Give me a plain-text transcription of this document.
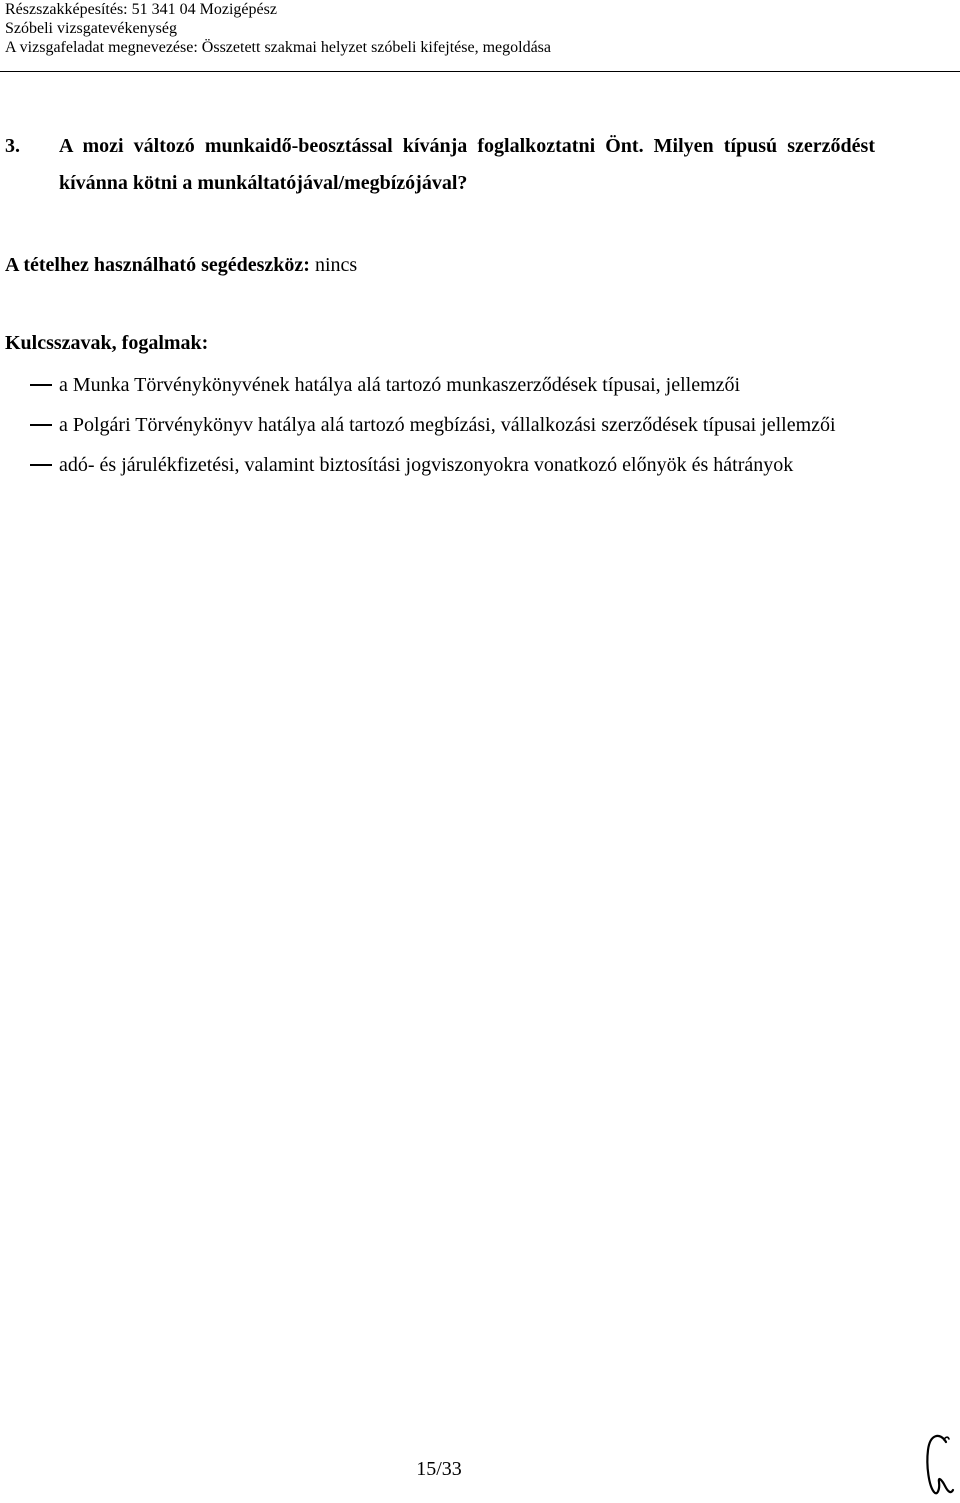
Részszakképesítés: 51 341 04 Mozigépész
Szóbeli vizsgatevékenység
A vizsgafeladat megnevezése: Összetett szakmai helyzet szóbeli kifejtése, megoldása
3.	A mozi változó munkaidő-beosztással kívánja foglalkoztatni Önt. Milyen típusú szerződést kívánna kötni a munkáltatójával/megbízójával?
A tételhez használható segédeszköz: nincs
Kulcsszavak, fogalmak:
a Munka Törvénykönyvének hatálya alá tartozó munkaszerződések típusai, jellemzői
a Polgári Törvénykönyv hatálya alá tartozó megbízási, vállalkozási szerződések típusai jellemzői
adó- és járulékfizetési, valamint biztosítási jogviszonyokra vonatkozó előnyök és hátrányok
15/33
